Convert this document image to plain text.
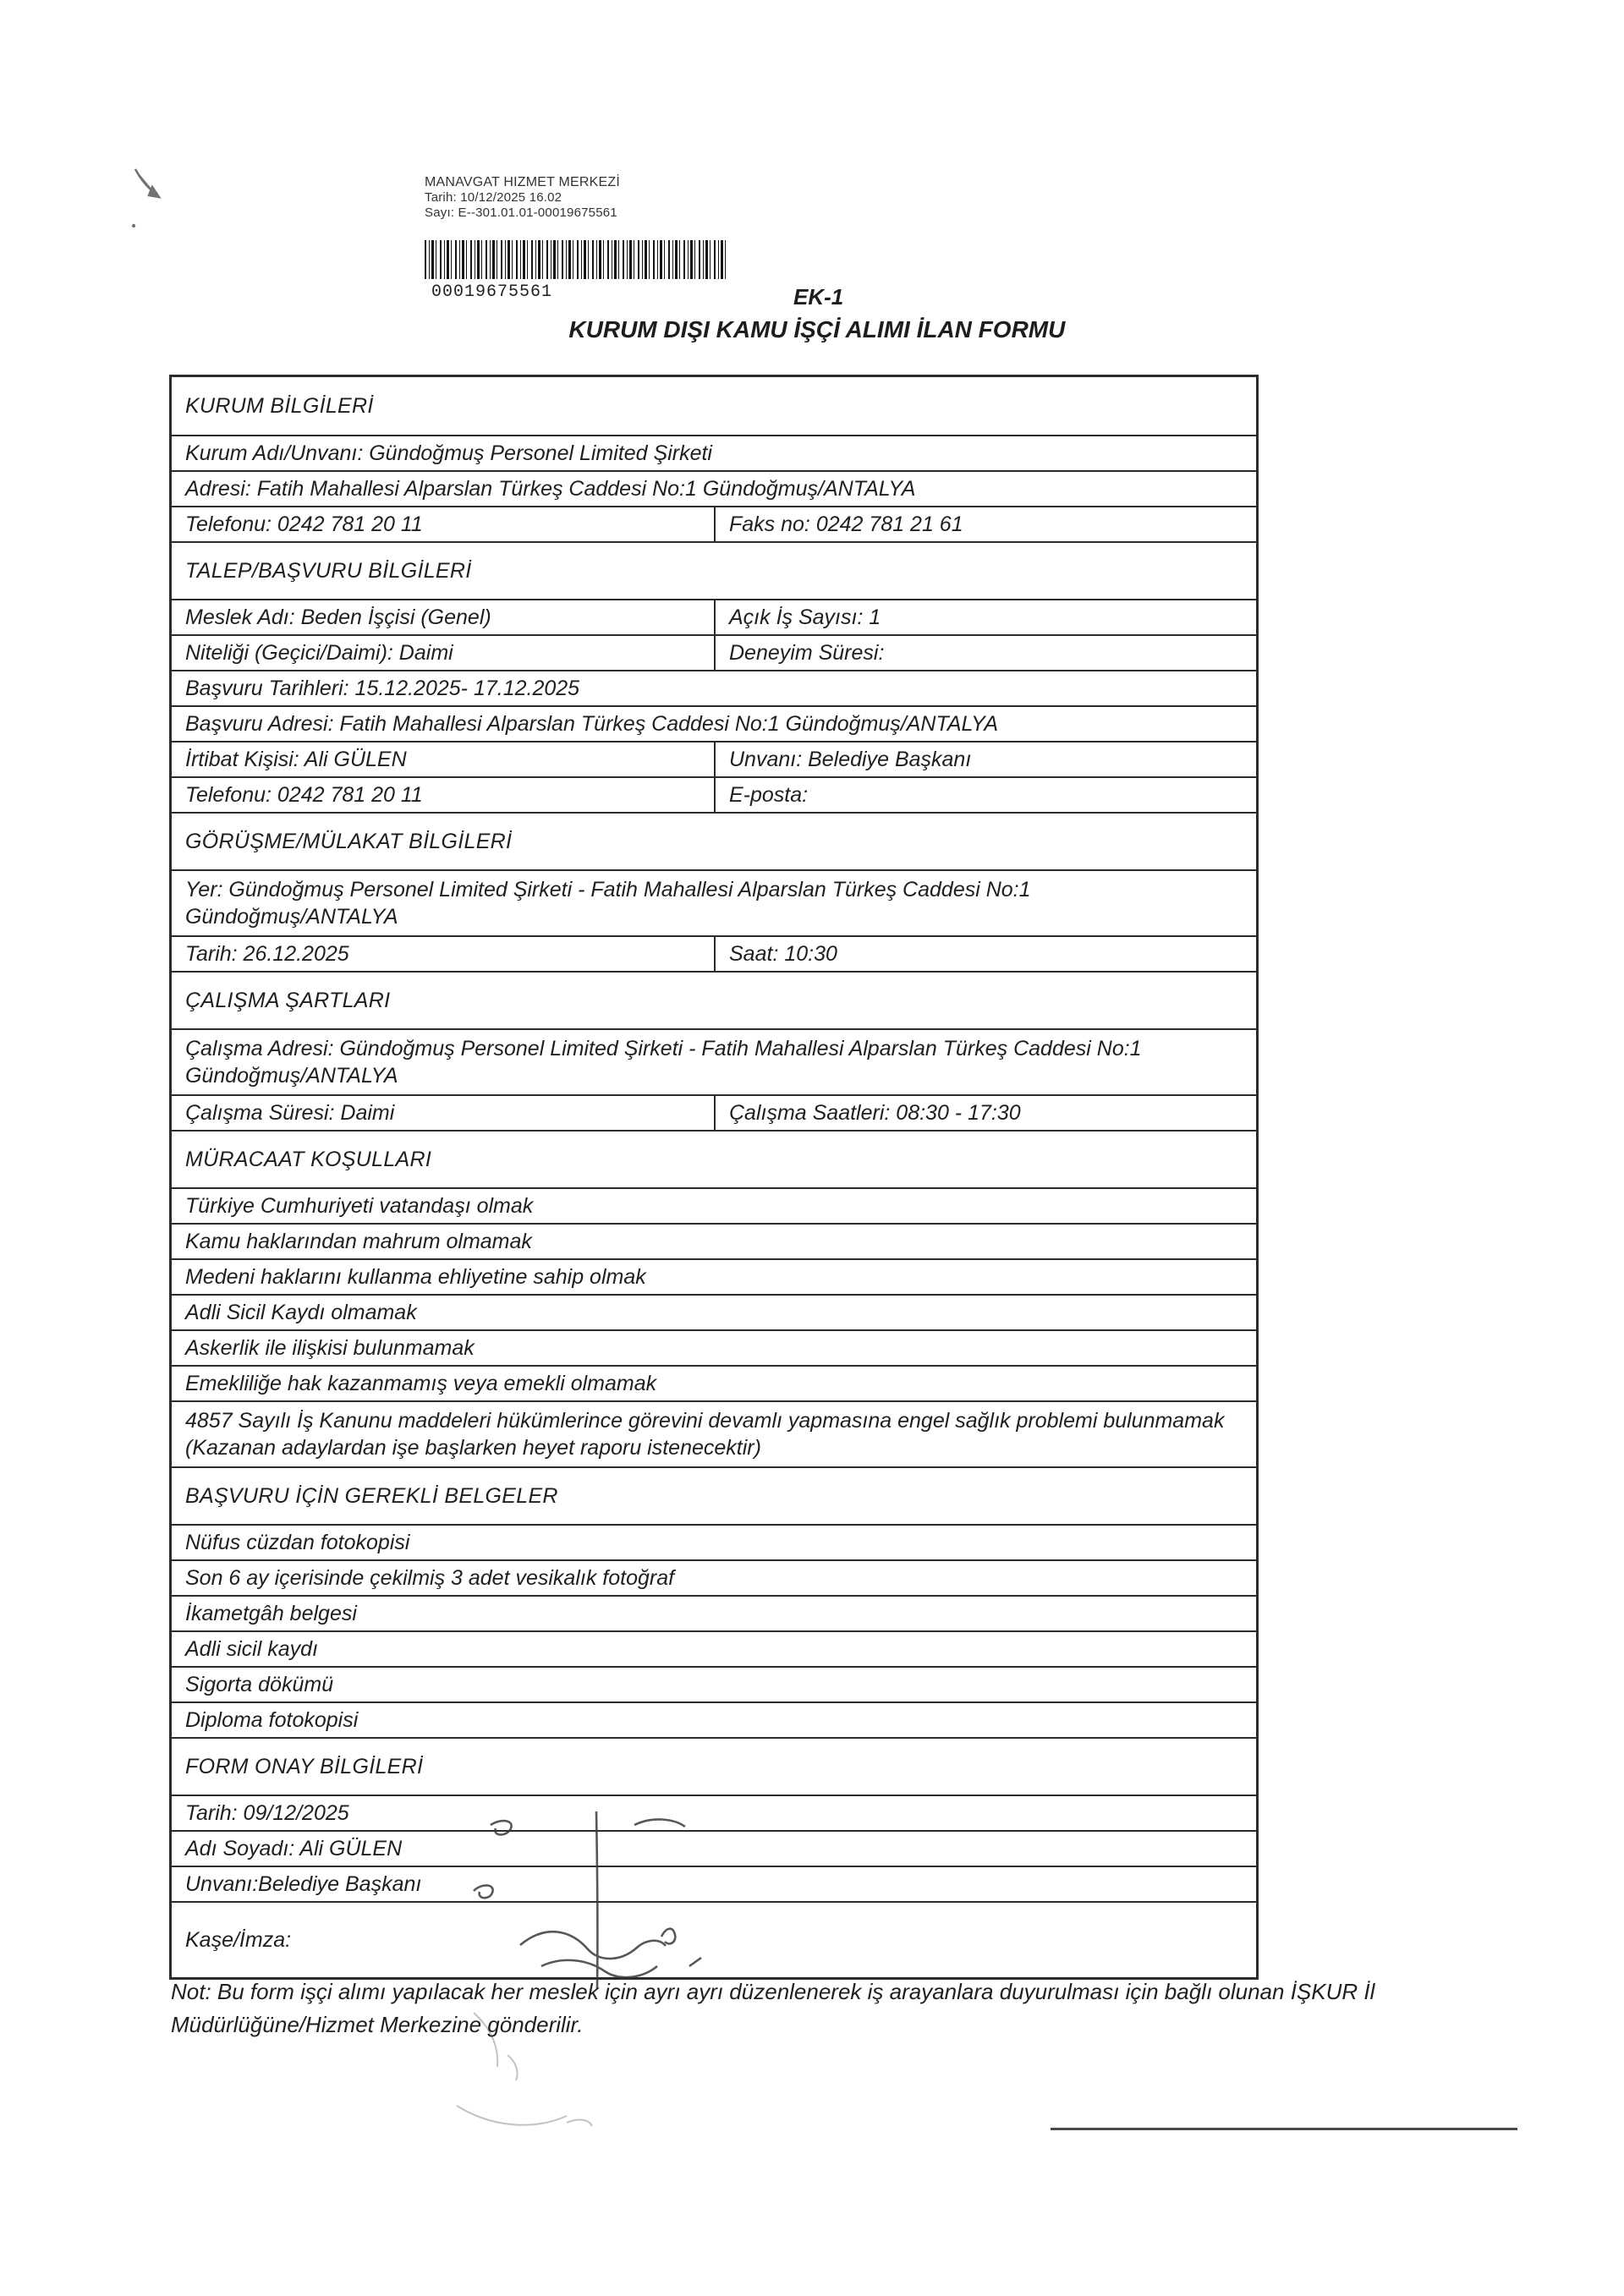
MANAVGAT HIZMET MERKEZİ
Tarih: 10/12/2025 16.02
Sayı: E--301.01.01-00019675561
00019675561	EK-1
KURUM DIŞI KAMU İŞÇİ ALIMI İLAN FORMU
KURUM BİLGİLERİ
Kurum Adı/Unvanı: Gündoğmuş Personel Limited Şirketi
Adresi: Fatih Mahallesi Alparslan Türkeş Caddesi No:1 Gündoğmuş/ANTALYA
Telefonu: 0242 781 20 11	Faks no: 0242 781 21 61
TALEP/BAŞVURU BİLGİLERİ
Meslek Adı: Beden İşçisi (Genel)	Açık İş Sayısı: 1
Niteliği (Geçici/Daimi): Daimi	Deneyim Süresi:
Başvuru Tarihleri: 15.12.2025- 17.12.2025
Başvuru Adresi: Fatih Mahallesi Alparslan Türkeş Caddesi No:1 Gündoğmuş/ANTALYA
İrtibat Kişisi: Ali GÜLEN	Unvanı: Belediye Başkanı
Telefonu: 0242 781 20 11	E-posta:
GÖRÜŞME/MÜLAKAT BİLGİLERİ
Yer: Gündoğmuş Personel Limited Şirketi - Fatih Mahallesi Alparslan Türkeş Caddesi No:1 Gündoğmuş/ANTALYA
Tarih: 26.12.2025	Saat: 10:30
ÇALIŞMA ŞARTLARI
Çalışma Adresi: Gündoğmuş Personel Limited Şirketi - Fatih Mahallesi Alparslan Türkeş Caddesi No:1 Gündoğmuş/ANTALYA
Çalışma Süresi: Daimi	Çalışma Saatleri: 08:30 - 17:30
MÜRACAAT KOŞULLARI
Türkiye Cumhuriyeti vatandaşı olmak
Kamu haklarından mahrum olmamak
Medeni haklarını kullanma ehliyetine sahip olmak
Adli Sicil Kaydı olmamak
Askerlik ile ilişkisi bulunmamak
Emekliliğe hak kazanmamış veya emekli olmamak
4857 Sayılı İş Kanunu maddeleri hükümlerince görevini devamlı yapmasına engel sağlık problemi bulunmamak (Kazanan adaylardan işe başlarken heyet raporu istenecektir)
BAŞVURU İÇİN GEREKLİ BELGELER
Nüfus cüzdan fotokopisi
Son 6 ay içerisinde çekilmiş 3 adet vesikalık fotoğraf
İkametgâh belgesi
Adli sicil kaydı
Sigorta dökümü
Diploma fotokopisi
FORM ONAY BİLGİLERİ
Tarih: 09/12/2025
Adı Soyadı: Ali GÜLEN
Unvanı:Belediye Başkanı
Kaşe/İmza:
Not: Bu form işçi alımı yapılacak her meslek için ayrı ayrı düzenlenerek iş arayanlara duyurulması için bağlı olunan İŞKUR İl Müdürlüğüne/Hizmet Merkezine gönderilir.
